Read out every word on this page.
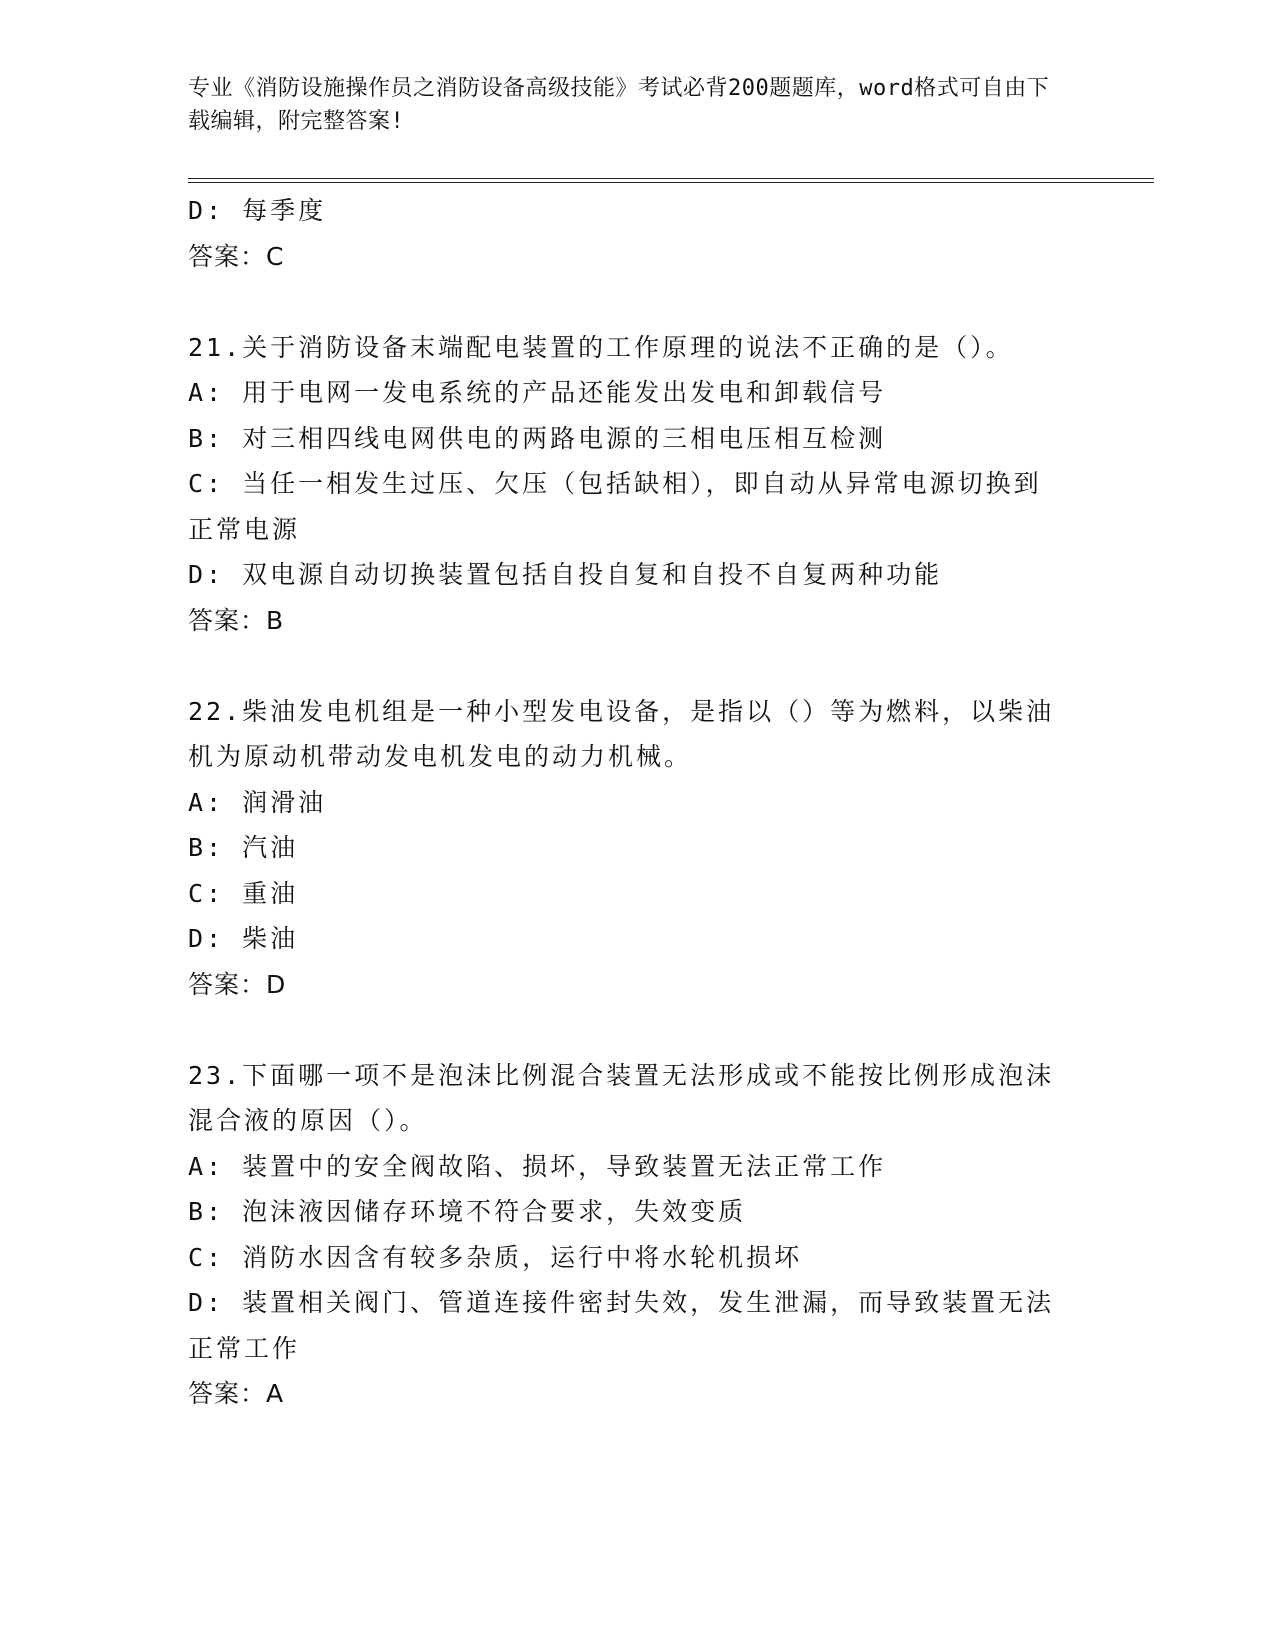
专业《消防设施操作员之消防设备高级技能》考试必背200题题库，word格式可自由下载编辑，附完整答案!
D: 每季度
答案：C
21.关于消防设备末端配电装置的工作原理的说法不正确的是（）。
A: 用于电网一发电系统的产品还能发出发电和卸载信号
B: 对三相四线电网供电的两路电源的三相电压相互检测
C: 当任一相发生过压、欠压（包括缺相），即自动从异常电源切换到正常电源
D: 双电源自动切换装置包括自投自复和自投不自复两种功能
答案：B
22.柴油发电机组是一种小型发电设备，是指以（）等为燃料，以柴油机为原动机带动发电机发电的动力机械。
A: 润滑油
B: 汽油
C: 重油
D: 柴油
答案：D
23.下面哪一项不是泡沫比例混合装置无法形成或不能按比例形成泡沫混合液的原因（）。
A: 装置中的安全阀故陷、损坏，导致装置无法正常工作
B: 泡沫液因储存环境不符合要求，失效变质
C: 消防水因含有较多杂质，运行中将水轮机损坏
D: 装置相关阀门、管道连接件密封失效，发生泄漏，而导致装置无法正常工作
答案：A
